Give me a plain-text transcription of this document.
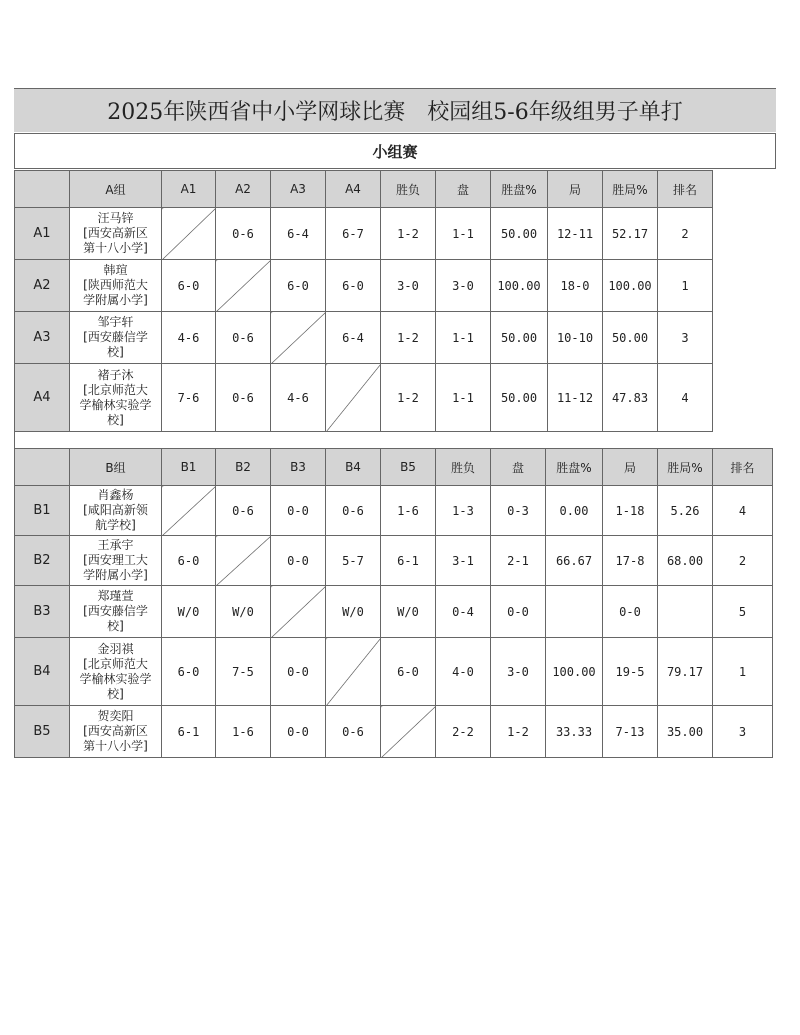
2025年陕西省中小学网球比赛　校园组5-6年级组男子单打
小组赛
	A组	A1	A2	A3	A4	胜负	盘	胜盘%	局	胜局%	排名
A1	汪马锌
[西安高新区
第十八小学]		0-6	6-4	6-7	1-2	1-1	50.00	12-11	52.17	2
A2	韩瑄
[陕西师范大
学附属小学]	6-0		6-0	6-0	3-0	3-0	100.00	18-0	100.00	1
A3	邹宇轩
[西安藤信学
校]	4-6	0-6		6-4	1-2	1-1	50.00	10-10	50.00	3
A4	褚子沐
[北京师范大
学榆林实验学
校]	7-6	0-6	4-6		1-2	1-1	50.00	11-12	47.83	4
	B组	B1	B2	B3	B4	B5	胜负	盘	胜盘%	局	胜局%	排名
B1	肖鑫杨
[咸阳高新领
航学校]		0-6	0-0	0-6	1-6	1-3	0-3	0.00	1-18	5.26	4
B2	王承宇
[西安理工大
学附属小学]	6-0		0-0	5-7	6-1	3-1	2-1	66.67	17-8	68.00	2
B3	郑瑾萱
[西安藤信学
校]	W/0	W/0		W/0	W/0	0-4	0-0		0-0		5
B4	金羽祺
[北京师范大
学榆林实验学
校]	6-0	7-5	0-0		6-0	4-0	3-0	100.00	19-5	79.17	1
B5	贺奕阳
[西安高新区
第十八小学]	6-1	1-6	0-0	0-6		2-2	1-2	33.33	7-13	35.00	3
